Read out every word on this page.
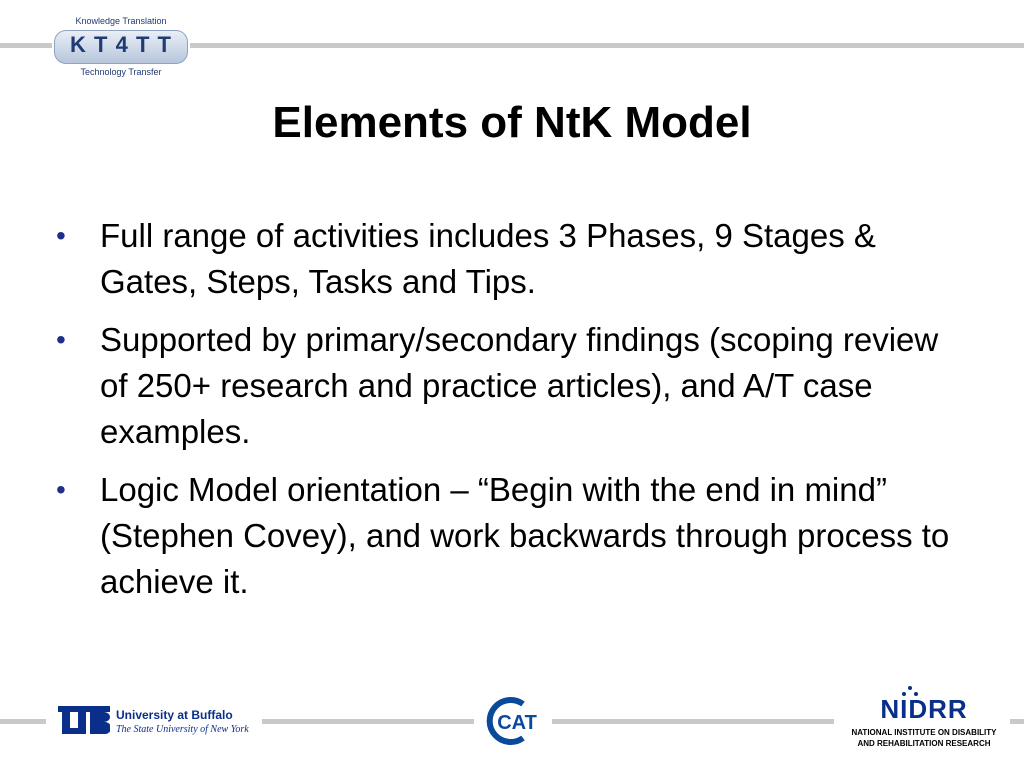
Knowledge Translation
K T 4 T T
Technology Transfer
Elements of NtK Model
• Full range of activities includes 3 Phases, 9 Stages & Gates, Steps, Tasks and Tips.
• Supported by primary/secondary findings (scoping review of 250+ research and practice articles), and A/T case examples.
• Logic Model orientation – “Begin with the end in mind” (Stephen Covey), and work backwards through process to achieve it.
University at Buffalo
The State University of New York	CAT	NIDRR
NATIONAL INSTITUTE ON DISABILITY
AND REHABILITATION RESEARCH
